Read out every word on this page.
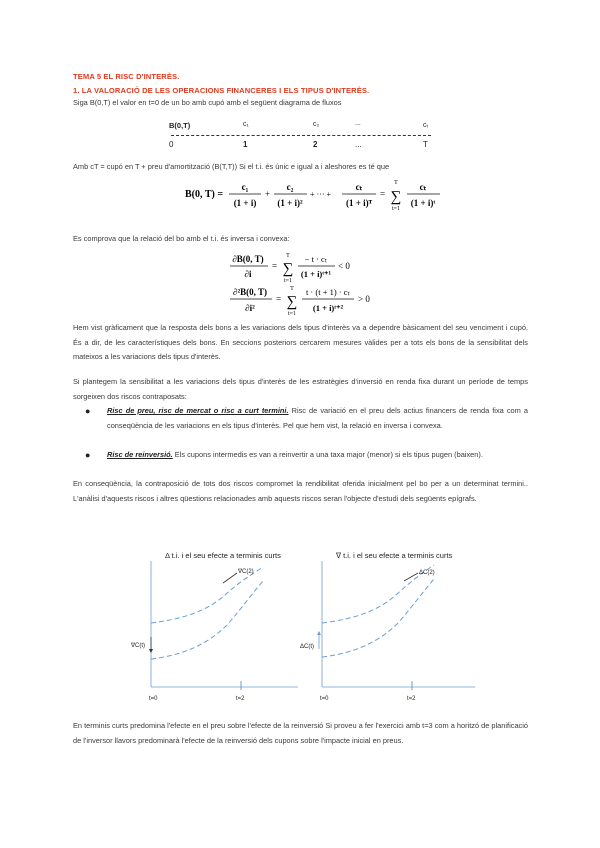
TEMA 5 EL RISC D'INTERÈS.
1. LA VALORACIÓ DE LES OPERACIONS FINANCERES I ELS TIPUS D'INTERÈS.
Siga B(0,T) el valor en t=0 de un bo amb cupó amb el següent diagrama de fluxos
B(0,T)	c₁	c₂	...	cₜ
0	1	2	...	T
Amb cT = cupó en T + preu d'amortització (B(T,T)) Si el t.i. és únic e igual a i aleshores es té que
B(0, T) =
c₁
(1 + i)
+
c₂
(1 + i)²
+ ··· +
cₜ
(1 + i)ᵀ
=
T
∑
t=1
cₜ
(1 + i)ᵗ
Es comprova que la relació del bo amb el t.i. és inversa i convexa:
∂B(0, T)
∂i
=
T
∑
t=1
− t · cₜ
(1 + i)ᵗ⁺¹
< 0
∂²B(0, T)
∂i²
=
T
∑
t=1
t · (t + 1) · cₜ
(1 + i)ᵗ⁺²
> 0
Hem vist gràficament que la resposta dels bons a les variacions dels tipus d'interès va a dependre bàsicament del seu venciment i cupó. És a dir, de les característiques dels bons. En seccions posteriors cercarem mesures vàlides per a tots els bons de la sensibilitat dels mateixos a les variacions dels tipus d'interès.
Si plantegem la sensibilitat a les variacions dels tipus d'interès de les estratègies d'inversió en renda fixa durant un període de temps sorgeixen dos riscos contraposats:
●	Risc de preu, risc de mercat o risc a curt termini. Risc de variació en el preu dels actius financers de renda fixa com a conseqüència de les variacions en els tipus d'interès. Pel que hem vist, la relació en inversa i convexa.
●	Risc de reinversió. Els cupons intermedis es van a reinvertir a una taxa major (menor) si els tipus pugen (baixen).
En conseqüència, la contraposició de tots dos riscos compromet la rendibilitat oferida inicialment pel bo per a un determinat termini.. L'anàlisi d'aquests riscos i altres qüestions relacionades amb aquests riscos seran l'objecte d'estudi dels següents epígrafs.
Δ t.i. i el seu efecte a terminis curts
∇C(2)
∇C(t)
t=0	t=2
∇ t.i. i el seu efecte a terminis curts
ΔC(2)
ΔC(t)
t=0	t=2
En terminis curts predomina l'efecte en el preu sobre l'efecte de la reinversió Si proveu a fer l'exercici amb t=3 com a horitzó de planificació de l'inversor llavors predominarà l'efecte de la reinversió dels cupons sobre l'impacte inicial en preus.
